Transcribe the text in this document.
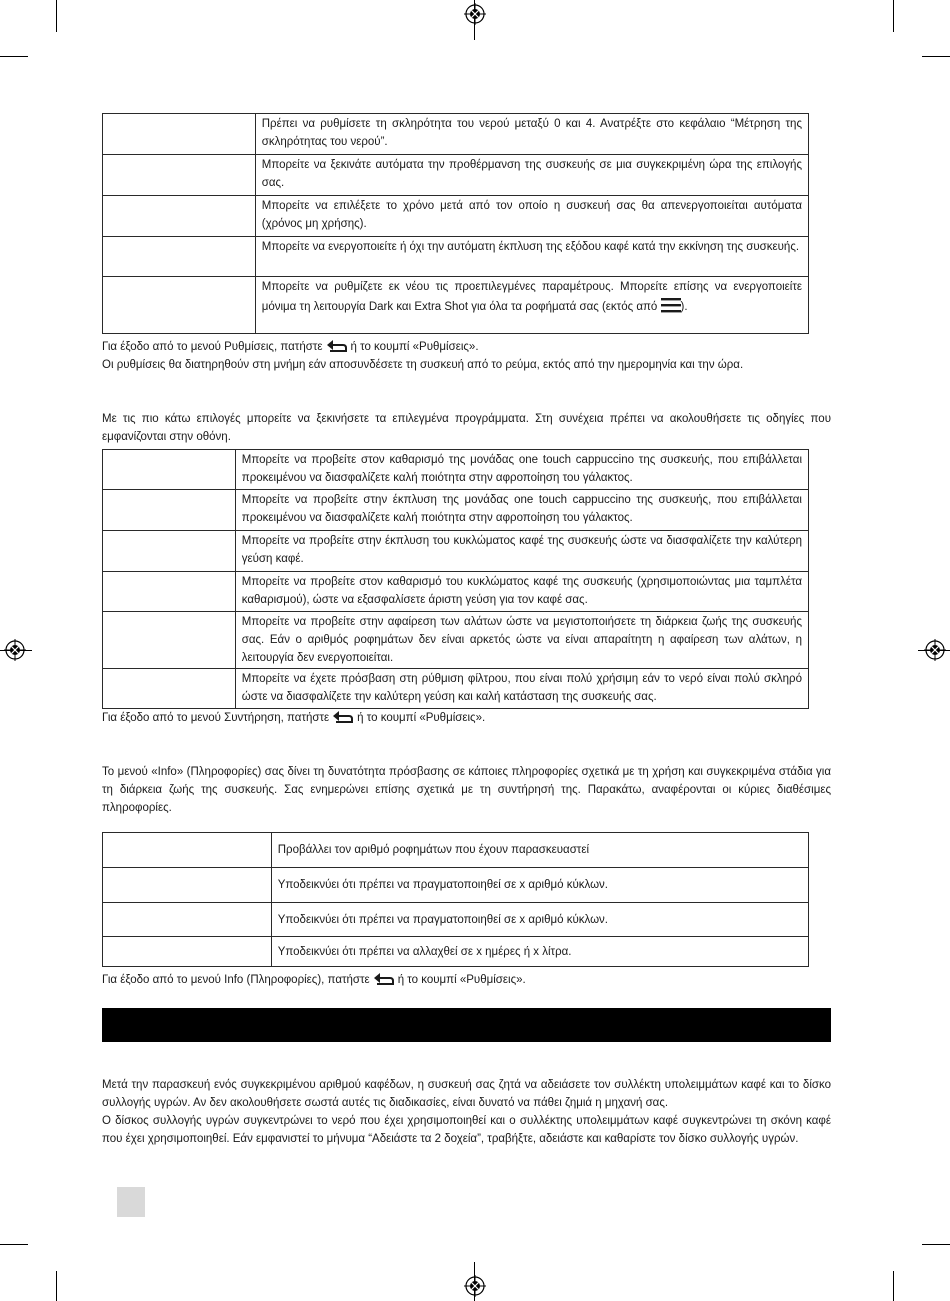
	Πρέπει να ρυθμίσετε τη σκληρότητα του νερού μεταξύ 0 και 4. Ανατρέξτε στο κεφάλαιο “Μέτρηση της σκληρότητας του νερού”.
	Μπορείτε να ξεκινάτε αυτόματα την προθέρμανση της συσκευής σε μια συγκεκριμένη ώρα της επιλογής σας.
	Μπορείτε να επιλέξετε το χρόνο μετά από τον οποίο η συσκευή σας θα απενεργοποιείται αυτόματα (χρόνος μη χρήσης).
	Μπορείτε να ενεργοποιείτε ή όχι την αυτόματη έκπλυση της εξόδου καφέ κατά την εκκίνηση της συσκευής.
	Μπορείτε να ρυθμίζετε εκ νέου τις προεπιλεγμένες παραμέτρους. Μπορείτε επίσης να ενεργοποιείτε μόνιμα τη λειτουργία Dark και Extra Shot για όλα τα ροφήματά σας (εκτός από ).
Για έξοδο από το μενού Ρυθμίσεις, πατήστε ή το κουμπί «Ρυθμίσεις».
Οι ρυθμίσεις θα διατηρηθούν στη μνήμη εάν αποσυνδέσετε τη συσκευή από το ρεύμα, εκτός από την ημερομηνία και την ώρα.
Με τις πιο κάτω επιλογές μπορείτε να ξεκινήσετε τα επιλεγμένα προγράμματα. Στη συνέχεια πρέπει να ακολουθήσετε τις οδηγίες που εμφανίζονται στην οθόνη.
	Μπορείτε να προβείτε στον καθαρισμό της μονάδας one touch cappuccino της συσκευής, που επιβάλλεται προκειμένου να διασφαλίζετε καλή ποιότητα στην αφροποίηση του γάλακτος.
	Μπορείτε να προβείτε στην έκπλυση της μονάδας one touch cappuccino της συσκευής, που επιβάλλεται προκειμένου να διασφαλίζετε καλή ποιότητα στην αφροποίηση του γάλακτος.
	Μπορείτε να προβείτε στην έκπλυση του κυκλώματος καφέ της συσκευής ώστε να διασφαλίζετε την καλύτερη γεύση καφέ.
	Μπορείτε να προβείτε στον καθαρισμό του κυκλώματος καφέ της συσκευής (χρησιμοποιώντας μια ταμπλέτα καθαρισμού), ώστε να εξασφαλίσετε άριστη γεύση για τον καφέ σας.
	Μπορείτε να προβείτε στην αφαίρεση των αλάτων ώστε να μεγιστοποιήσετε τη διάρκεια ζωής της συσκευής σας. Εάν ο αριθμός ροφημάτων δεν είναι αρκετός ώστε να είναι απαραίτητη η αφαίρεση των αλάτων, η λειτουργία δεν ενεργοποιείται.
	Μπορείτε να έχετε πρόσβαση στη ρύθμιση φίλτρου, που είναι πολύ χρήσιμη εάν το νερό είναι πολύ σκληρό ώστε να διασφαλίζετε την καλύτερη γεύση και καλή κατάσταση της συσκευής σας.
Για έξοδο από το μενού Συντήρηση, πατήστε ή το κουμπί «Ρυθμίσεις».
Το μενού «Info» (Πληροφορίες) σας δίνει τη δυνατότητα πρόσβασης σε κάποιες πληροφορίες σχετικά με τη χρήση και συγκεκριμένα στάδια για τη διάρκεια ζωής της συσκευής. Σας ενημερώνει επίσης σχετικά με τη συντήρησή της. Παρακάτω, αναφέρονται οι κύριες διαθέσιμες πληροφορίες.
	Προβάλλει τον αριθμό ροφημάτων που έχουν παρασκευαστεί
	Υποδεικνύει ότι πρέπει να πραγματοποιηθεί σε x αριθμό κύκλων.
	Υποδεικνύει ότι πρέπει να πραγματοποιηθεί σε x αριθμό κύκλων.
	Υποδεικνύει ότι πρέπει να αλλαχθεί σε x ημέρες ή x λίτρα.
Για έξοδο από το μενού Info (Πληροφορίες), πατήστε ή το κουμπί «Ρυθμίσεις».
Μετά την παρασκευή ενός συγκεκριμένου αριθμού καφέδων, η συσκευή σας ζητά να αδειάσετε τον συλλέκτη υπολειμμάτων καφέ και το δίσκο συλλογής υγρών. Αν δεν ακολουθήσετε σωστά αυτές τις διαδικασίες, είναι δυνατό να πάθει ζημιά η μηχανή σας.
Ο δίσκος συλλογής υγρών συγκεντρώνει το νερό που έχει χρησιμοποιηθεί και ο συλλέκτης υπολειμμάτων καφέ συγκεντρώνει τη σκόνη καφέ που έχει χρησιμοποιηθεί. Εάν εμφανιστεί το μήνυμα “Αδειάστε τα 2 δοχεία”, τραβήξτε, αδειάστε και καθαρίστε τον δίσκο συλλογής υγρών.
